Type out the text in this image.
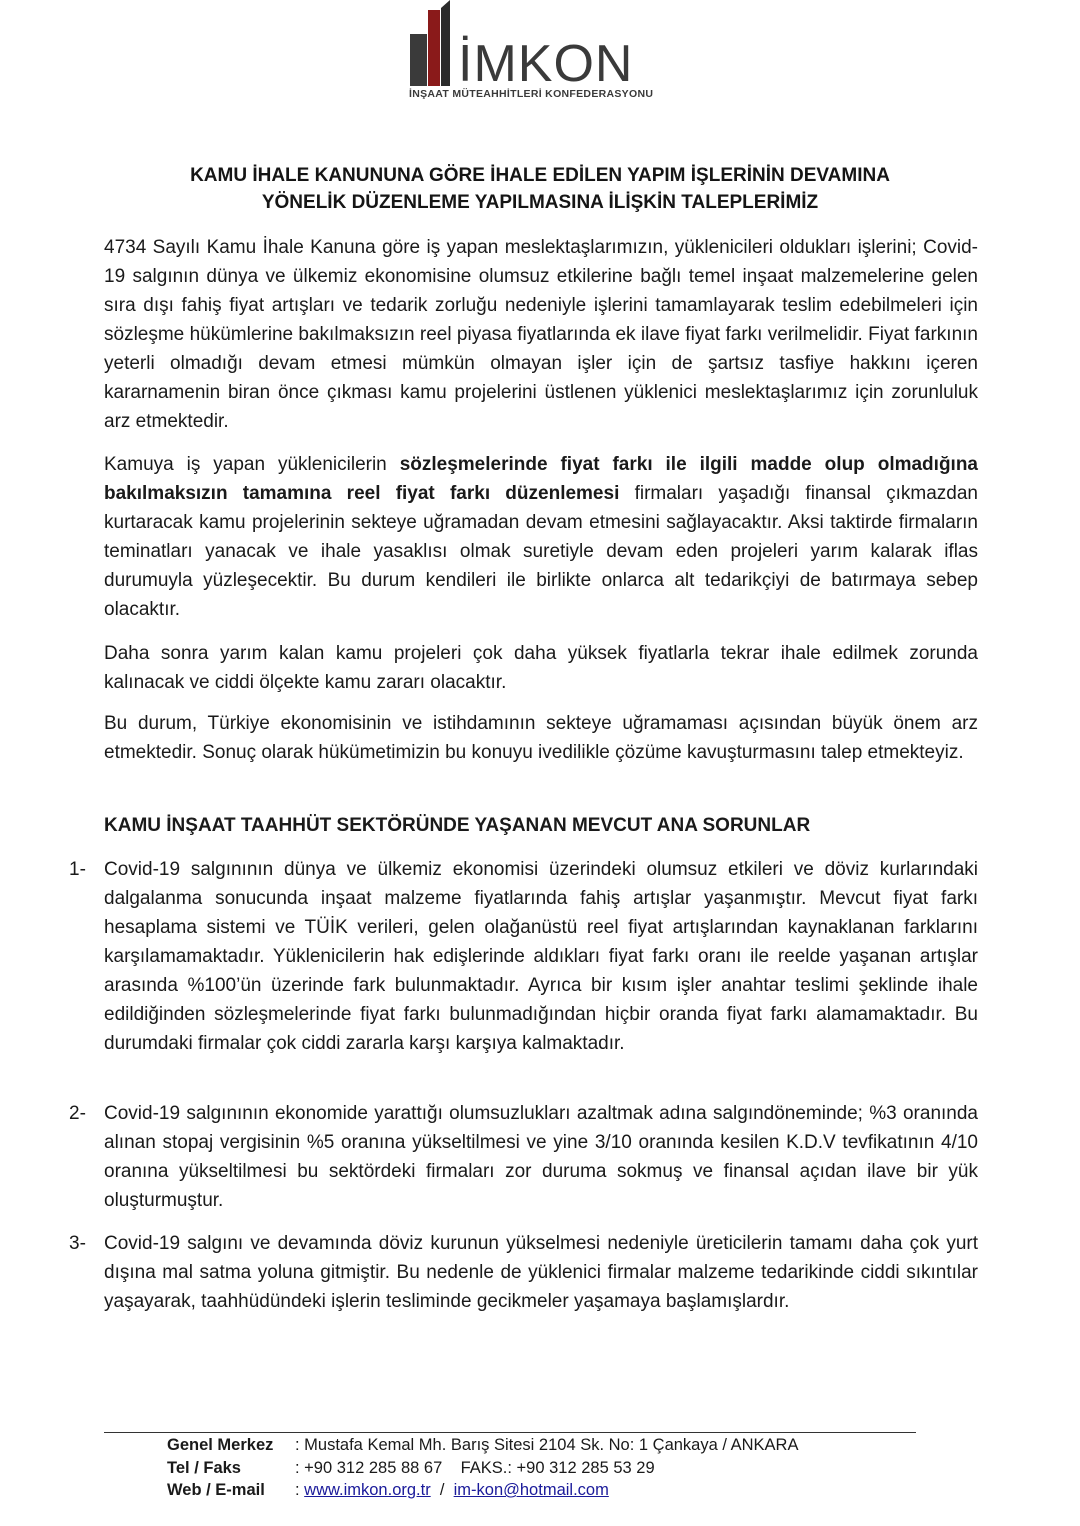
İMKON
İNŞAAT MÜTEAHHİTLERİ KONFEDERASYONU
KAMU İHALE KANUNUNA GÖRE İHALE EDİLEN YAPIM İŞLERİNİN DEVAMINA
YÖNELİK DÜZENLEME YAPILMASINA İLİŞKİN TALEPLERİMİZ

4734 Sayılı Kamu İhale Kanuna göre iş yapan meslektaşlarımızın, yüklenicileri oldukları işlerini; Covid-19 salgının dünya ve ülkemiz ekonomisine olumsuz etkilerine bağlı temel inşaat malzemelerine gelen sıra dışı fahiş fiyat artışları ve tedarik zorluğu nedeniyle işlerini tamamlayarak teslim edebilmeleri için sözleşme hükümlerine bakılmaksızın reel piyasa fiyatlarında ek ilave fiyat farkı verilmelidir. Fiyat farkının yeterli olmadığı devam etmesi mümkün olmayan işler için de şartsız tasfiye hakkını içeren kararnamenin biran önce çıkması kamu projelerini üstlenen yüklenici meslektaşlarımız için zorunluluk arz etmektedir.

Kamuya iş yapan yüklenicilerin sözleşmelerinde fiyat farkı ile ilgili madde olup olmadığına bakılmaksızın tamamına reel fiyat farkı düzenlemesi firmaları yaşadığı finansal çıkmazdan kurtaracak kamu projelerinin sekteye uğramadan devam etmesini sağlayacaktır. Aksi taktirde firmaların teminatları yanacak ve ihale yasaklısı olmak suretiyle devam eden projeleri yarım kalarak iflas durumuyla yüzleşecektir. Bu durum kendileri ile birlikte onlarca alt tedarikçiyi de batırmaya sebep olacaktır.

Daha sonra yarım kalan kamu projeleri çok daha yüksek fiyatlarla tekrar ihale edilmek zorunda kalınacak ve ciddi ölçekte kamu zararı olacaktır.

Bu durum, Türkiye ekonomisinin ve istihdamının sekteye uğramaması açısından büyük önem arz etmektedir. Sonuç olarak hükümetimizin bu konuyu ivedilikle çözüme kavuşturmasını talep etmekteyiz.

KAMU İNŞAAT TAAHHÜT SEKTÖRÜNDE YAŞANAN MEVCUT ANA SORUNLAR
1- Covid-19 salgınının dünya ve ülkemiz ekonomisi üzerindeki olumsuz etkileri ve döviz kurlarındaki dalgalanma sonucunda inşaat malzeme fiyatlarında fahiş artışlar yaşanmıştır. Mevcut fiyat farkı hesaplama sistemi ve TÜİK verileri, gelen olağanüstü reel fiyat artışlarından kaynaklanan farklarını karşılamamaktadır. Yüklenicilerin hak edişlerinde aldıkları fiyat farkı oranı ile reelde yaşanan artışlar arasında %100’ün üzerinde fark bulunmaktadır. Ayrıca bir kısım işler anahtar teslimi şeklinde ihale edildiğinden sözleşmelerinde fiyat farkı bulunmadığından hiçbir oranda fiyat farkı alamamaktadır. Bu durumdaki firmalar çok ciddi zararla karşı karşıya kalmaktadır.

2- Covid-19 salgınının ekonomide yarattığı olumsuzlukları azaltmak adına salgındöneminde; %3 oranında alınan stopaj vergisinin %5 oranına yükseltilmesi ve yine 3/10 oranında kesilen K.D.V tevfikatının 4/10 oranına yükseltilmesi bu sektördeki firmaları zor duruma sokmuş ve finansal açıdan ilave bir yük oluşturmuştur.

3- Covid-19 salgını ve devamında döviz kurunun yükselmesi nedeniyle üreticilerin tamamı daha çok yurt dışına mal satma yoluna gitmiştir. Bu nedenle de yüklenici firmalar malzeme tedarikinde ciddi sıkıntılar yaşayarak, taahhüdündeki işlerin tesliminde gecikmeler yaşamaya başlamışlardır.

Genel Merkez : Mustafa Kemal Mh. Barış Sitesi 2104 Sk. No: 1 Çankaya / ANKARA
Tel / Faks	: +90 312 285 88 67    FAKS.: +90 312 285 53 29
Web / E-mail : www.imkon.org.tr  /  im-kon@hotmail.com
